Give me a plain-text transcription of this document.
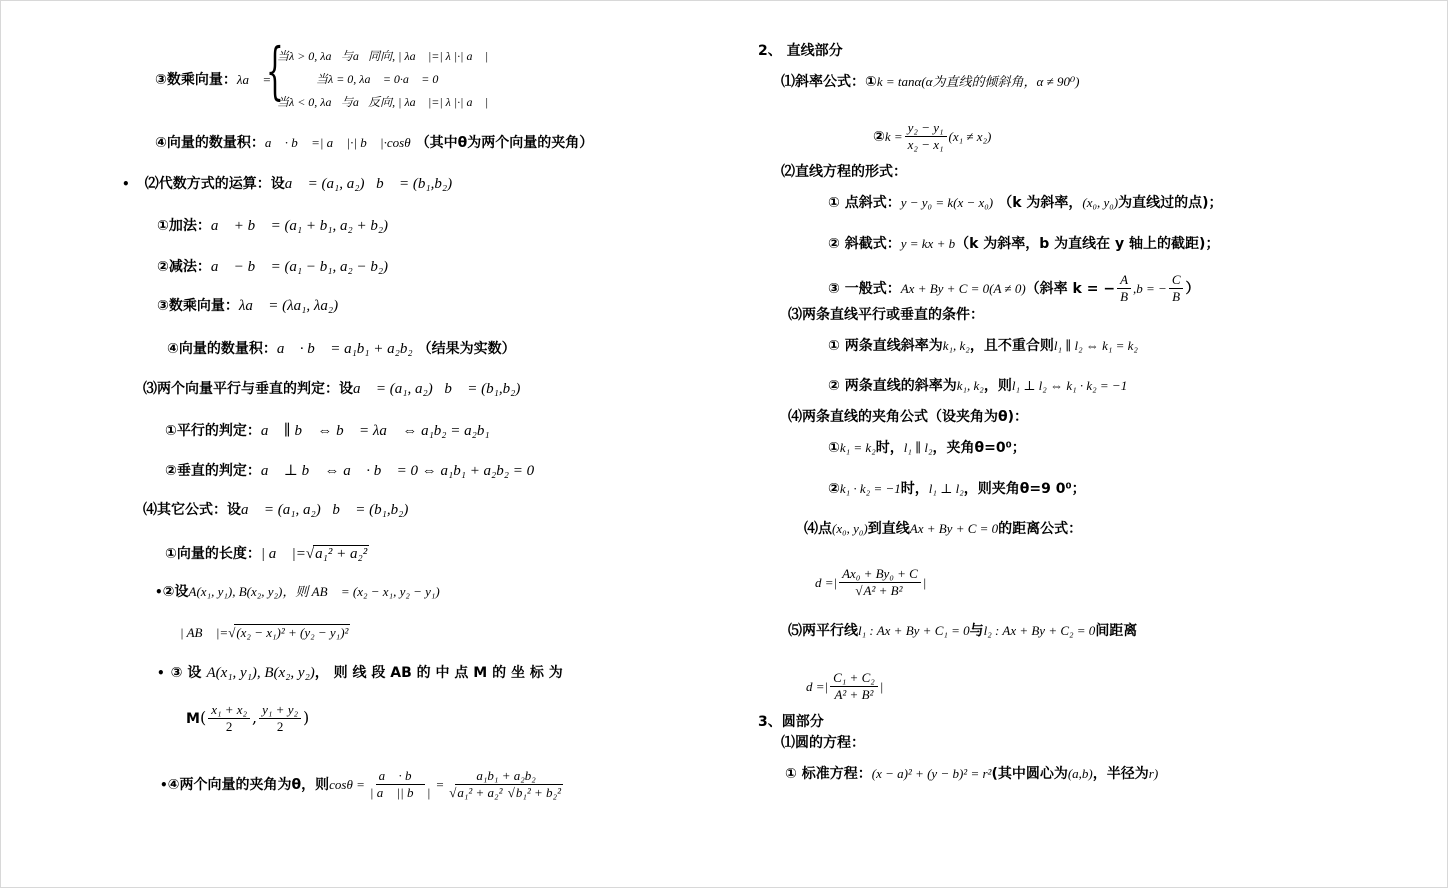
③数乘向量：λa⃗ =
{
当λ > 0, λa⃗与a⃗同向, | λa⃗ |=| λ |·| a⃗ |
当λ = 0, λa⃗ = 0·a⃗ = 0⃗
当λ < 0, λa⃗与a⃗反向, | λa⃗ |=| λ |·| a⃗ |
④向量的数量积：a⃗ · b⃗ =| a⃗ |·| b⃗ |·cosθ （其中θ为两个向量的夹角）
• ⑵代数方式的运算：设a⃗ = (a₁, a₂)，b⃗ = (b₁,b₂)，
①加法：a⃗ + b⃗ = (a₁ + b₁, a₂ + b₂)
②减法：a⃗ − b⃗ = (a₁ − b₁, a₂ − b₂)
③数乘向量：λa⃗ = (λa₁, λa₂)
④向量的数量积：a⃗ · b⃗ = a₁b₁ + a₂b₂ （结果为实数）
⑶两个向量平行与垂直的判定：设a⃗ = (a₁, a₂)，b⃗ = (b₁,b₂)，
①平行的判定：a⃗ ∥ b⃗ ⇔ b⃗ = λa⃗ ⇔ a₁b₂ = a₂b₁
②垂直的判定：a⃗ ⊥ b⃗ ⇔ a⃗ · b⃗ = 0 ⇔ a₁b₁ + a₂b₂ = 0
⑷其它公式：设a⃗ = (a₁, a₂)，b⃗ = (b₁,b₂)
①向量的长度：| a⃗ |=√a₁² + a₂²
•②设A(x₁, y₁), B(x₂, y₂)，则 AB⃗ = (x₂ − x₁, y₂ − y₁)；
| AB⃗ |=√(x₂ − x₁)² + (y₂ − y₁)²
• ③ 设 A(x₁, y₁), B(x₂, y₂)， 则 线 段 AB 的 中 点 M 的 坐 标 为
$M( \frac{\text{x₁ + x₂}}{2}$ , $\frac{\text{y₁ + y₂}}{2}$ )
•④两个向量的夹角为θ，则$\cos\theta = \frac{a⃗ \cdot b⃗}{| a⃗ || b⃗ |} = \frac{\text{a₁b₁ + a₂b₂}}{\text{√a₁² + a₂² √b₁² + b₂²}}$
2、 直线部分
⑴斜率公式：①k = tanα(α为直线的倾斜角，α ≠ 90⁰)
②k = $\frac{\text{y₂ − y₁}}{\text{x₂ − x₁}} (x_1 \ne x_2)$
⑵直线方程的形式：
① 点斜式：y − y₀ = k(x − x₀) （k 为斜率，(x₀, y₀)为直线过的点)；
② 斜截式：y = kx + b（k 为斜率，b 为直线在 y 轴上的截距)；
③ 一般式：Ax + By + C = 0(A ≠ 0)（斜率 k = − $\frac{A}{B} ,b$ = − $\frac{C}{B}$ ）
⑶两条直线平行或垂直的条件：
① 两条直线斜率为k₁, k₂，且不重合则l₁ ∥ l₂ ⇔ k₁ = k₂
② 两条直线的斜率为k₁, k₂，则l₁ ⊥ l₂ ⇔ k₁ · k₂ = −1
⑷两条直线的夹角公式（设夹角为θ)：
①k₁ = k₂时，l₁ ∥ l₂，夹角θ=0⁰；
②k₁ · k₂ = −1时，l₁ ⊥ l₂，则夹角θ=9 0⁰；
⑷点(x₀, y₀)到直线Ax + By + C = 0的距离公式：
d =| $\frac{\text{Ax₀ + By₀ + C}}{\text{√A² + B²}}$ |
⑸两平行线l₁ : Ax + By + C₁ = 0与l₂ : Ax + By + C₂ = 0间距离
d =| $\frac{\text{C₁ + C₂}}{\text{A² + B²}}$ |
3、圆部分
⑴圆的方程：
① 标准方程：(x − a)² + (y − b)² = r²(其中圆心为(a,b)，半径为r)
